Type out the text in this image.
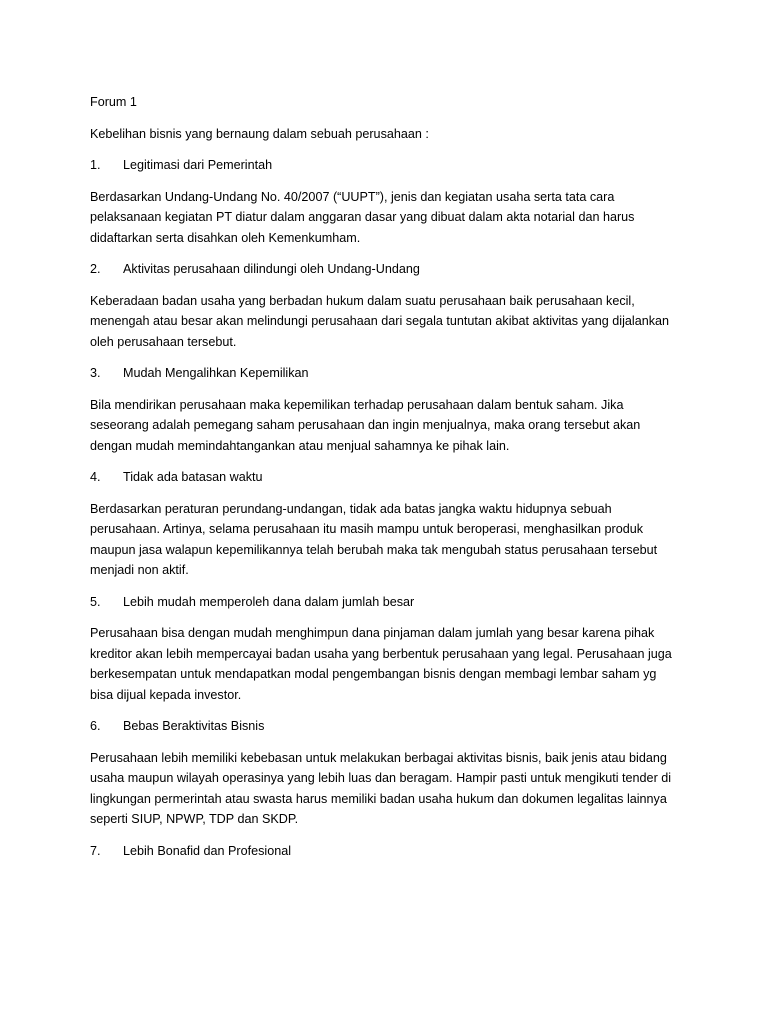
Forum 1
Kebelihan bisnis yang bernaung dalam sebuah perusahaan :
1.	Legitimasi dari Pemerintah
Berdasarkan Undang-Undang No. 40/2007 (“UUPT”), jenis dan kegiatan usaha serta tata cara
pelaksanaan kegiatan PT diatur dalam anggaran dasar yang dibuat dalam akta notarial dan harus
didaftarkan serta disahkan oleh Kemenkumham.
2.	Aktivitas perusahaan dilindungi oleh Undang-Undang
Keberadaan badan usaha yang berbadan hukum dalam suatu perusahaan baik perusahaan kecil,
menengah atau besar akan melindungi perusahaan dari segala tuntutan akibat aktivitas yang dijalankan
oleh perusahaan tersebut.
3.	Mudah Mengalihkan Kepemilikan
Bila mendirikan perusahaan maka kepemilikan terhadap perusahaan dalam bentuk saham. Jika
seseorang adalah pemegang saham perusahaan dan ingin menjualnya, maka orang tersebut akan
dengan mudah memindahtangankan atau menjual sahamnya ke pihak lain.
4.	Tidak ada batasan waktu
Berdasarkan peraturan perundang-undangan, tidak ada batas jangka waktu hidupnya sebuah
perusahaan. Artinya, selama perusahaan itu masih mampu untuk beroperasi, menghasilkan produk
maupun jasa walapun kepemilikannya telah berubah maka tak mengubah status perusahaan tersebut
menjadi non aktif.
5.	Lebih mudah memperoleh dana dalam jumlah besar
Perusahaan bisa dengan mudah menghimpun dana pinjaman dalam jumlah yang besar karena pihak
kreditor akan lebih mempercayai badan usaha yang berbentuk perusahaan yang legal. Perusahaan juga
berkesempatan untuk mendapatkan modal pengembangan bisnis dengan membagi lembar saham yg
bisa dijual kepada investor.
6.	Bebas Beraktivitas Bisnis
Perusahaan lebih memiliki kebebasan untuk melakukan berbagai aktivitas bisnis, baik jenis atau bidang
usaha maupun wilayah operasinya yang lebih luas dan beragam. Hampir pasti untuk mengikuti tender di
lingkungan permerintah atau swasta harus memiliki badan usaha hukum dan dokumen legalitas lainnya
seperti SIUP, NPWP, TDP dan SKDP.
7.	Lebih Bonafid dan Profesional
